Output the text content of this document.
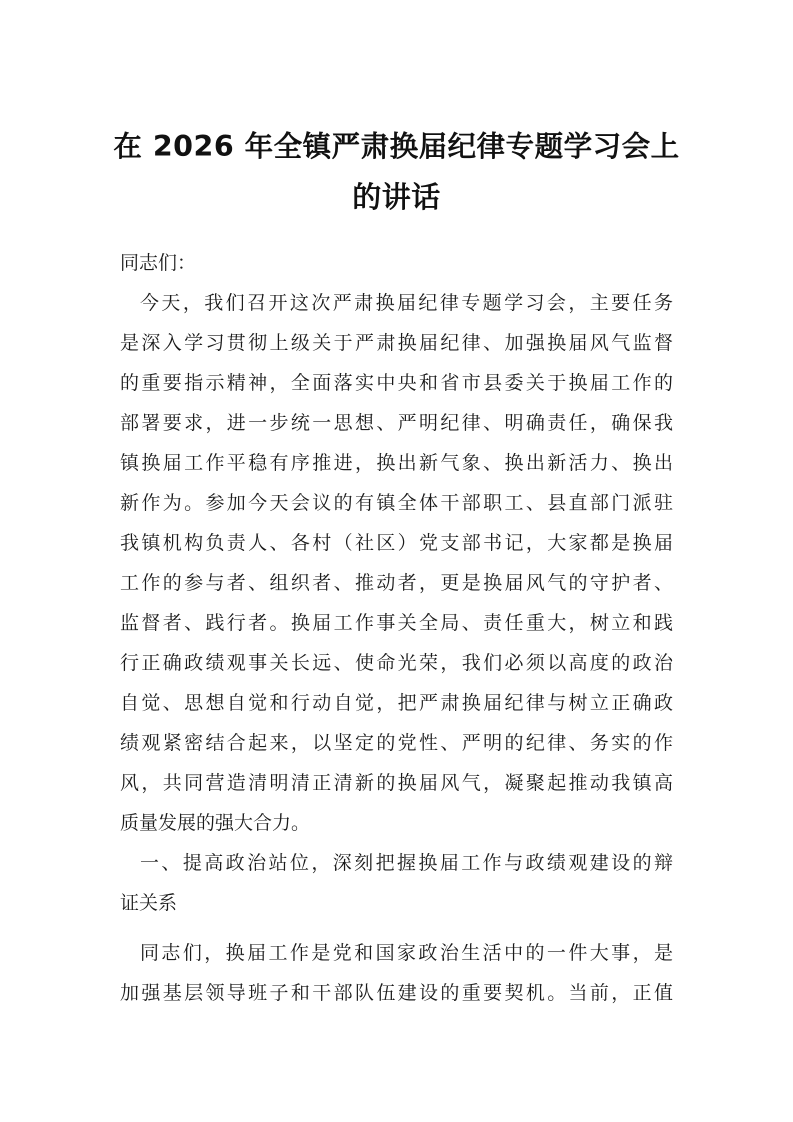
在 2026 年全镇严肃换届纪律专题学习会上
的讲话
同志们：
今天，我们召开这次严肃换届纪律专题学习会，主要任务
是深入学习贯彻上级关于严肃换届纪律、加强换届风气监督
的重要指示精神，全面落实中央和省市县委关于换届工作的
部署要求，进一步统一思想、严明纪律、明确责任，确保我
镇换届工作平稳有序推进，换出新气象、换出新活力、换出
新作为。参加今天会议的有镇全体干部职工、县直部门派驻
我镇机构负责人、各村（社区）党支部书记，大家都是换届
工作的参与者、组织者、推动者，更是换届风气的守护者、
监督者、践行者。换届工作事关全局、责任重大，树立和践
行正确政绩观事关长远、使命光荣，我们必须以高度的政治
自觉、思想自觉和行动自觉，把严肃换届纪律与树立正确政
绩观紧密结合起来，以坚定的党性、严明的纪律、务实的作
风，共同营造清明清正清新的换届风气，凝聚起推动我镇高
质量发展的强大合力。
一、提高政治站位，深刻把握换届工作与政绩观建设的辩
证关系
同志们，换届工作是党和国家政治生活中的一件大事，是
加强基层领导班子和干部队伍建设的重要契机。当前，正值
